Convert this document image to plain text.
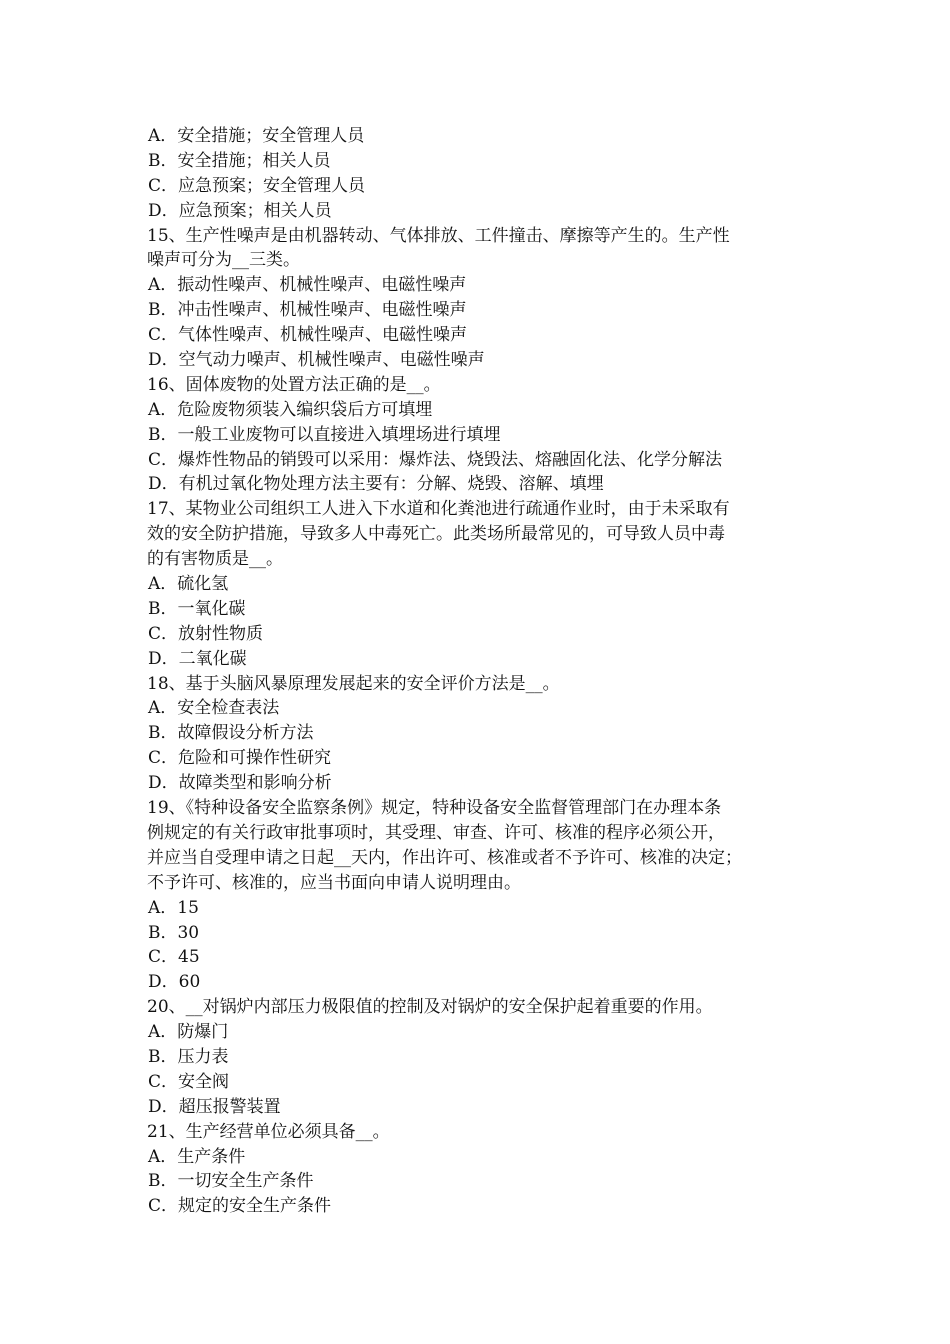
A．安全措施；安全管理人员
B．安全措施；相关人员
C．应急预案；安全管理人员
D．应急预案；相关人员
15、生产性噪声是由机器转动、气体排放、工件撞击、摩擦等产生的。生产性
噪声可分为__三类。
A．振动性噪声、机械性噪声、电磁性噪声
B．冲击性噪声、机械性噪声、电磁性噪声
C．气体性噪声、机械性噪声、电磁性噪声
D．空气动力噪声、机械性噪声、电磁性噪声
16、固体废物的处置方法正确的是__。
A．危险废物须装入编织袋后方可填埋
B．一般工业废物可以直接进入填埋场进行填埋
C．爆炸性物品的销毁可以采用：爆炸法、烧毁法、熔融固化法、化学分解法
D．有机过氧化物处理方法主要有：分解、烧毁、溶解、填埋
17、某物业公司组织工人进入下水道和化粪池进行疏通作业时，由于未采取有
效的安全防护措施，导致多人中毒死亡。此类场所最常见的，可导致人员中毒
的有害物质是__。
A．硫化氢
B．一氧化碳
C．放射性物质
D．二氧化碳
18、基于头脑风暴原理发展起来的安全评价方法是__。
A．安全检查表法
B．故障假设分析方法
C．危险和可操作性研究
D．故障类型和影响分析
19、《特种设备安全监察条例》规定，特种设备安全监督管理部门在办理本条
例规定的有关行政审批事项时，其受理、审查、许可、核准的程序必须公开，
并应当自受理申请之日起__天内，作出许可、核准或者不予许可、核准的决定；
不予许可、核准的，应当书面向申请人说明理由。
A．15
B．30
C．45
D．60
20、__对锅炉内部压力极限值的控制及对锅炉的安全保护起着重要的作用。
A．防爆门
B．压力表
C．安全阀
D．超压报警装置
21、生产经营单位必须具备__。
A．生产条件
B．一切安全生产条件
C．规定的安全生产条件
